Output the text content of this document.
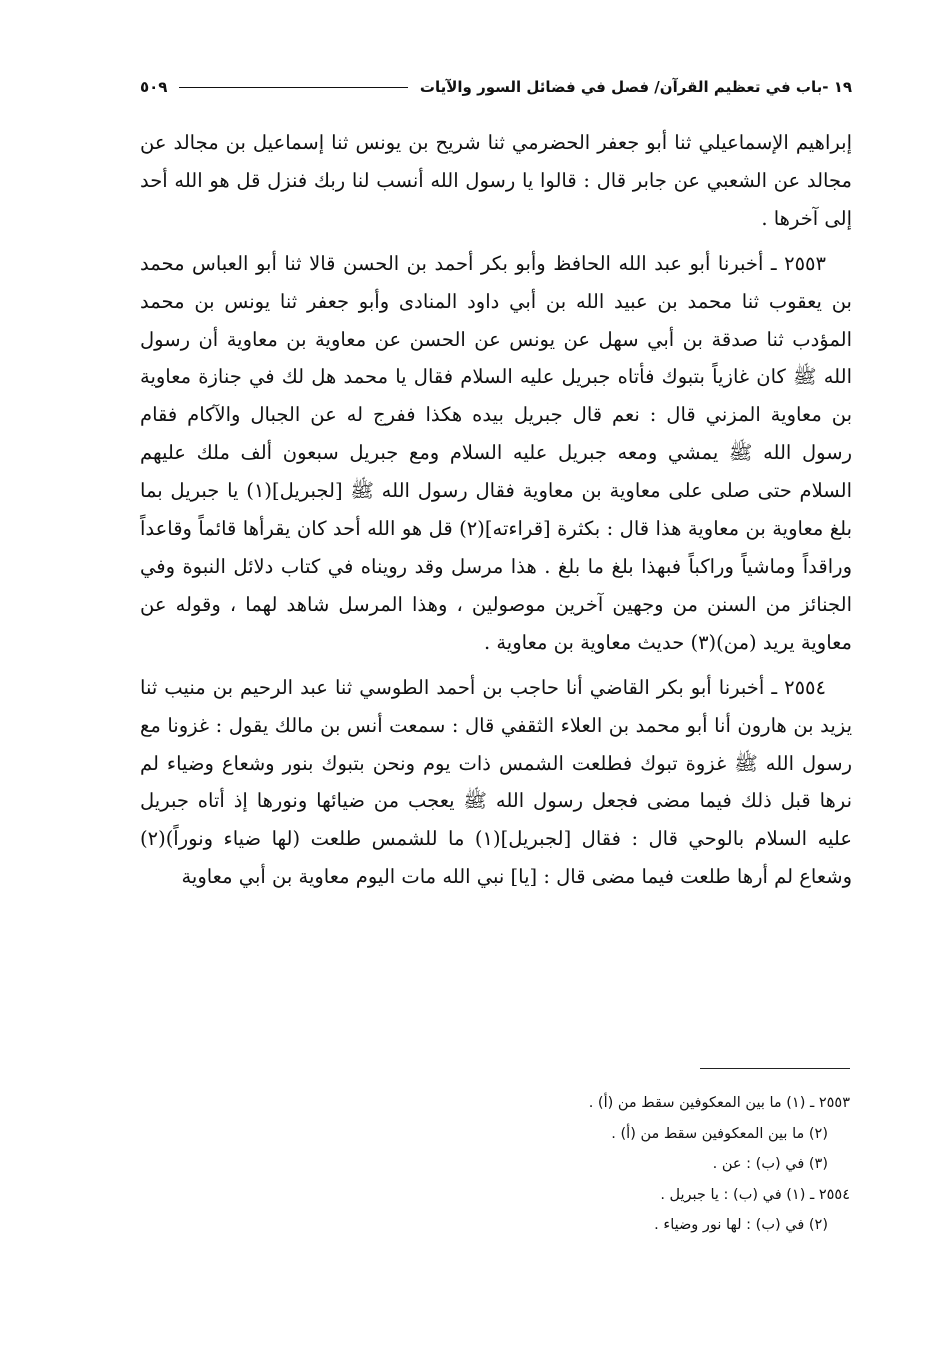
١٩ -باب في تعظيم القرآن/ فصل في فضائل السور والآيات
٥٠٩

إبراهيم الإسماعيلي ثنا أبو جعفر الحضرمي ثنا شريح بن يونس ثنا إسماعيل بن مجالد عن مجالد عن الشعبي عن جابر قال : قالوا يا رسول الله أنسب لنا ربك فنزل قل هو الله أحد إلى آخرها .

٢٥٥٣ ـ أخبرنا أبو عبد الله الحافظ وأبو بكر أحمد بن الحسن قالا ثنا أبو العباس محمد بن يعقوب ثنا محمد بن عبيد الله بن أبي داود المنادى وأبو جعفر ثنا يونس بن محمد المؤدب ثنا صدقة بن أبي سهل عن يونس عن الحسن عن معاوية بن معاوية أن رسول الله ﷺ كان غازياً بتبوك فأتاه جبريل عليه السلام فقال يا محمد هل لك في جنازة معاوية بن معاوية المزني قال : نعم قال جبريل بيده هكذا ففرج له عن الجبال والآكام فقام رسول الله ﷺ يمشي ومعه جبريل عليه السلام ومع جبريل سبعون ألف ملك عليهم السلام حتى صلى على معاوية بن معاوية فقال رسول الله ﷺ [لجبريل](١) يا جبريل بما بلغ معاوية بن معاوية هذا قال : بكثرة [قراءته](٢) قل هو الله أحد كان يقرأها قائماً وقاعداً وراقداً وماشياً وراكباً فبهذا بلغ ما بلغ . هذا مرسل وقد رويناه في كتاب دلائل النبوة وفي الجنائز من السنن من وجهين آخرين موصولين ، وهذا المرسل شاهد لهما ، وقوله عن معاوية يريد (من)(٣) حديث معاوية بن معاوية .

٢٥٥٤ ـ أخبرنا أبو بكر القاضي أنا حاجب بن أحمد الطوسي ثنا عبد الرحيم بن منيب ثنا يزيد بن هارون أنا أبو محمد بن العلاء الثقفي قال : سمعت أنس بن مالك يقول : غزونا مع رسول الله ﷺ غزوة تبوك فطلعت الشمس ذات يوم ونحن بتبوك بنور وشعاع وضياء لم نرها قبل ذلك فيما مضى فجعل رسول الله ﷺ يعجب من ضيائها ونورها إذ أتاه جبريل عليه السلام بالوحي قال : فقال [لجبريل](١) ما للشمس طلعت (لها ضياء ونوراً)(٢) وشعاع لم أرها طلعت فيما مضى قال : [يا] نبي الله مات اليوم معاوية بن أبي معاوية

٢٥٥٣ ـ (١) ما بين المعكوفين سقط من (أ) .
(٢) ما بين المعكوفين سقط من (أ) .
(٣) في (ب) : عن .
٢٥٥٤ ـ (١) في (ب) : يا جبريل .
(٢) في (ب) : لها نور وضياء .
